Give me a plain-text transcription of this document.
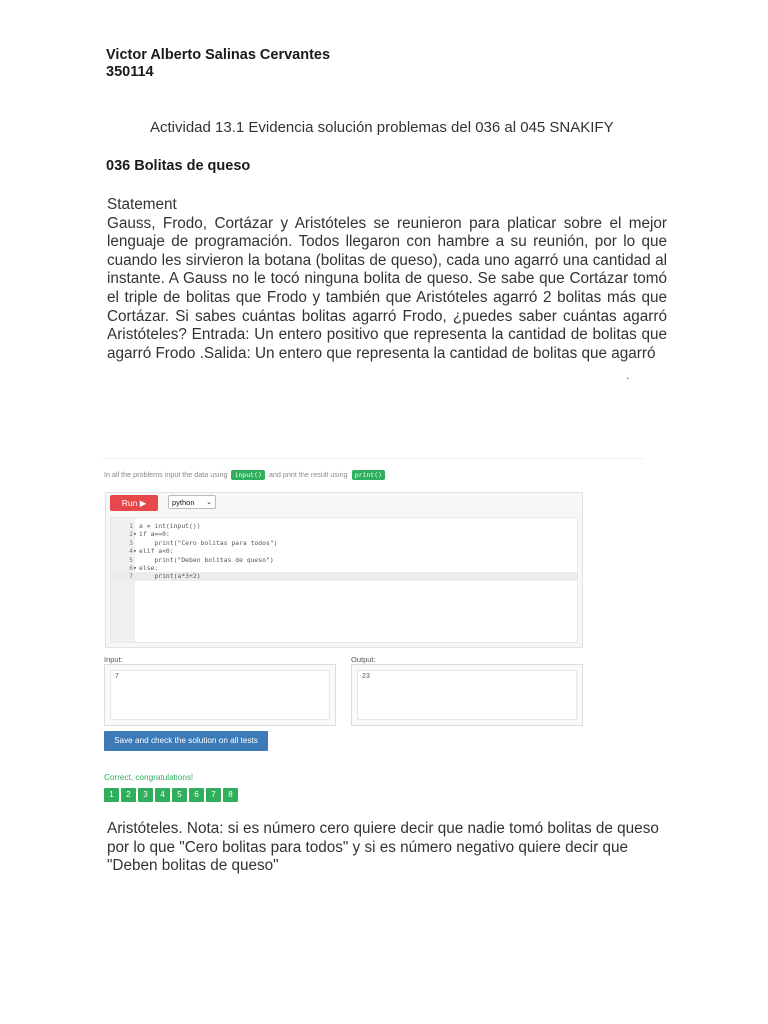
Victor Alberto Salinas Cervantes
350114
Actividad 13.1 Evidencia solución problemas del 036 al 045 SNAKIFY
036 Bolitas de queso

Statement

Gauss, Frodo, Cortázar y Aristóteles se reunieron para platicar sobre el mejor lenguaje de programación. Todos llegaron con hambre a su reunión, por lo que cuando les sirvieron la botana (bolitas de queso), cada uno agarró una cantidad al instante. A Gauss no le tocó ninguna bolita de queso. Se sabe que Cortázar tomó el triple de bolitas que Frodo y también que Aristóteles agarró 2 bolitas más que Cortázar. Si sabes cuántas bolitas agarró Frodo, ¿puedes saber cuántas agarró Aristóteles? Entrada: Un entero positivo que representa la cantidad de bolitas que agarró Frodo .Salida: Un entero que representa la cantidad de bolitas que agarró

.
In all the problems input the data using input() and print the result using print()
Run ▶	python ⌄
1 a = int(input())
2▾ if a==0:
3     print("Cero bolitas para todos")
4▾ elif a<0:
5     print("Deben bolitas de queso")
6▾ else:
7     print(a*3+2)
Input:
7
Output:
23
Save and check the solution on all tests
Correct, congratulations!
1	2	3	4	5	6	7	8

Aristóteles. Nota: si es número cero quiere decir que nadie tomó bolitas de queso

por lo que "Cero bolitas para todos" y si es número negativo quiere decir que

"Deben bolitas de queso"
